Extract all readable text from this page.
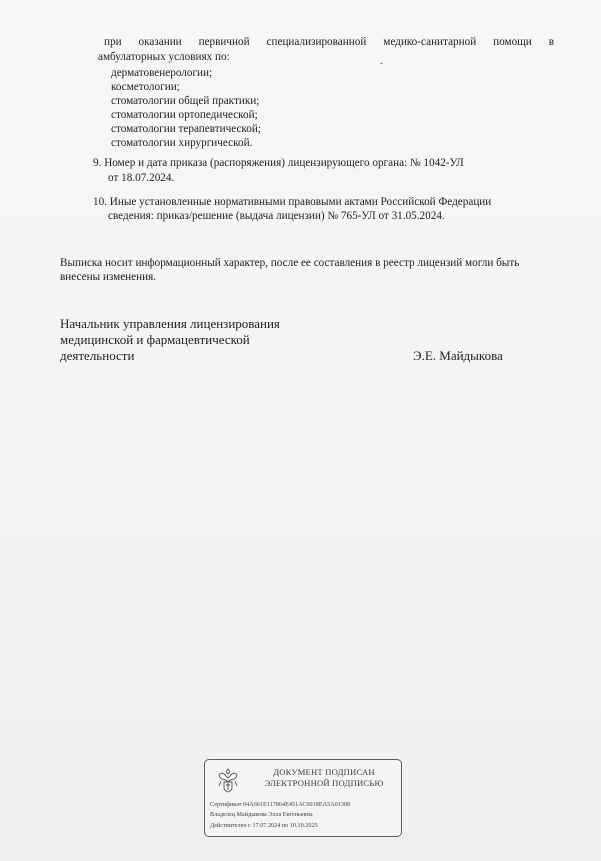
при оказании первичной специализированной медико-санитарной помощи в
амбулаторных условиях по:	.
дерматовенерологии;
косметологии;
стоматологии общей практики;
стоматологии ортопедической;
стоматологии терапевтической;
стоматологии хирургической.
9. Номер и дата приказа (распоряжения) лицензирующего органа: № 1042-УЛ
от 18.07.2024.
10. Иные установленные нормативными правовыми актами Российской Федерации
сведения: приказ/решение (выдача лицензии) № 765-УЛ от 31.05.2024.
Выписка носит информационный характер, после ее составления в реестр лицензий могли быть
внесены изменения.
Начальник управления лицензирования
медицинской и фармацевтической
деятельности	Э.Е. Майдыкова
ДОКУМЕНТ ПОДПИСАН
ЭЛЕКТРОННОЙ ПОДПИСЬЮ
Сертификат 04А661Е117864Е451АС6018ЕА5А01308
Владелец Майдыкова Элла Евгеньевна
Действителен с 17.07.2024 по 10.10.2025
